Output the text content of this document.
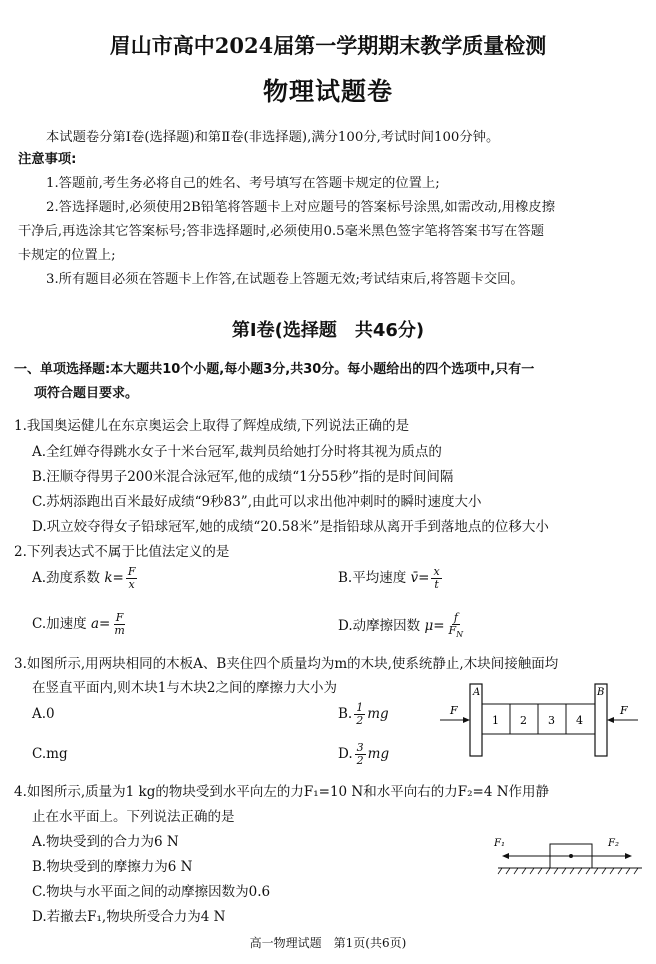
眉山市高中2024届第一学期期末教学质量检测
物理试题卷
本试题卷分第Ⅰ卷(选择题)和第Ⅱ卷(非选择题),满分100分,考试时间100分钟。
注意事项:
1.答题前,考生务必将自己的姓名、考号填写在答题卡规定的位置上;
2.答选择题时,必须使用2B铅笔将答题卡上对应题号的答案标号涂黑,如需改动,用橡皮擦
干净后,再选涂其它答案标号;答非选择题时,必须使用0.5毫米黑色签字笔将答案书写在答题
卡规定的位置上;
3.所有题目必须在答题卡上作答,在试题卷上答题无效;考试结束后,将答题卡交回。
第Ⅰ卷(选择题　共46分)
一、单项选择题:本大题共10个小题,每小题3分,共30分。每小题给出的四个选项中,只有一
项符合题目要求。
1.我国奥运健儿在东京奥运会上取得了辉煌成绩,下列说法正确的是
A.全红婵夺得跳水女子十米台冠军,裁判员给她打分时将其视为质点的
B.汪顺夺得男子200米混合泳冠军,他的成绩“1分55秒”指的是时间间隔
C.苏炳添跑出百米最好成绩“9秒83”,由此可以求出他冲刺时的瞬时速度大小
D.巩立姣夺得女子铅球冠军,她的成绩“20.58米”是指铅球从离开手到落地点的位移大小
2.下列表达式不属于比值法定义的是
A.劲度系数 $k= \frac{F}{x}$	B.平均速度 v̄= $\frac{x}{t}$
C.加速度 $a= \frac{F}{m}$	D.动摩擦因数 $\mu= \frac{f}{F_N}$
3.如图所示,用两块相同的木板A、B夹住四个质量均为m的木块,使系统静止,木块间接触面均
在竖直平面内,则木块1与木块2之间的摩擦力大小为
A.0	B. $\frac{1}{2}$ mg
C.mg	D. $\frac{3}{2}$ mg
A	B
1 2 3 4
F	F
4.如图所示,质量为1 kg的物块受到水平向左的力F₁=10 N和水平向右的力F₂=4 N作用静
止在水平面上。下列说法正确的是
A.物块受到的合力为6 N
B.物块受到的摩擦力为6 N
C.物块与水平面之间的动摩擦因数为0.6
D.若撤去F₁,物块所受合力为4 N
F₁	F₂
高一物理试题　第1页(共6页)
